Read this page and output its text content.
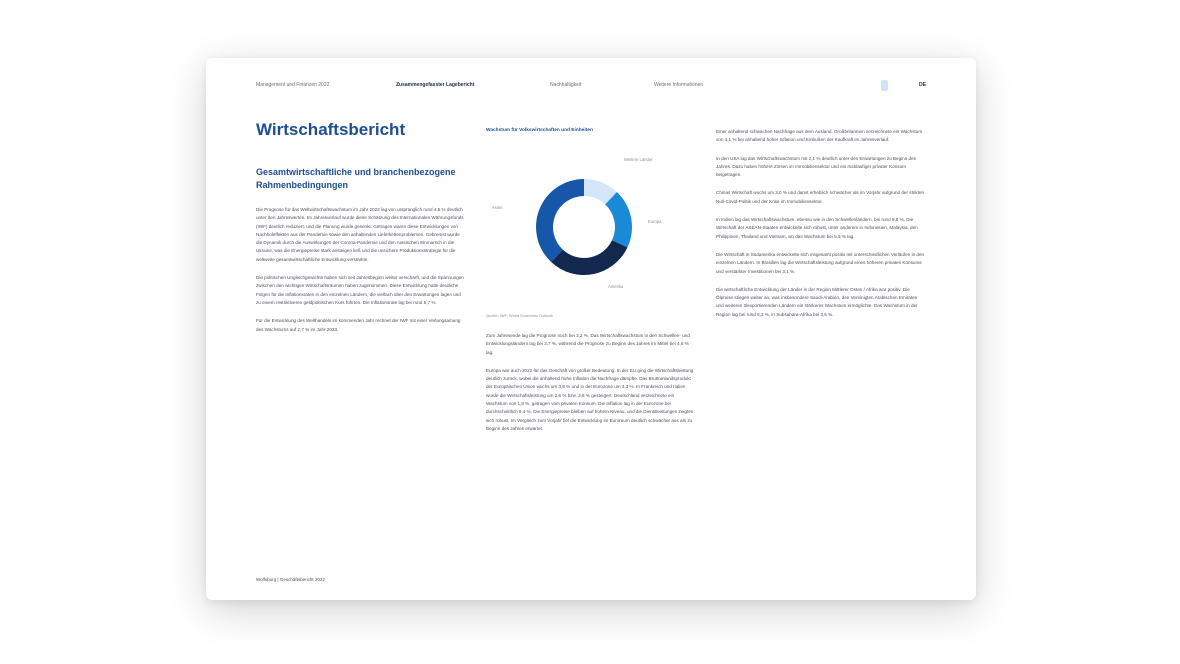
Management und Finanzen 2022	Zusammengefasster Lagebericht	Nachhaltigkeit	Weitere Informationen	DE
Wirtschaftsbericht
Gesamtwirtschaftliche und branchenbezogene Rahmenbedingungen

Die Prognose für das Weltwirtschaftswachstum im Jahr 2022 lag von ursprünglich rund 4,5 % deutlich unter den Jahreswerten. Im Jahresverlauf wurde diese Schätzung des Internationalen Währungsfonds (IWF) deutlich reduziert, und die Planung wurde gesenkt. Getragen waren diese Entwicklungen von Nachholeffekten aus der Pandemie sowie den anhaltenden Lieferkettenproblemen. Gebremst wurde die Dynamik durch die Auswirkungen der Corona-Pandemie und den russischen Einmarsch in die Ukraine, was die Energiepreise stark ansteigen ließ und die unsichere Produktionsstrategie für die weltweite gesamtwirtschaftliche Entwicklung verstärkte.

Die politischen Ungleichgewichte haben sich seit Jahresbeginn weiter verschärft, und die Spannungen zwischen den wichtigen Wirtschaftsräumen haben zugenommen. Diese Entwicklung hatte deutliche Folgen für die Inflationsraten in den einzelnen Ländern, die vielfach über den Erwartungen lagen und zu einem restriktiveren geldpolitischen Kurs führten. Die Inflationsrate lag bei rund 8,7 %.

Für die Entwicklung des Welthandels im kommenden Jahr rechnet der IWF mit einer Verlangsamung des Wachstums auf 2,7 % im Jahr 2023.

Wachstum für Volkswirtschaften und Einheiten
Weitere Länder
Europa
Amerika
Asien
Quelle: IWF, World Economic Outlook

Zum Jahresende lag die Prognose noch bei 3,2 %. Das Wirtschaftswachstum in den Schwellen- und Entwicklungsländern lag bei 3,7 %, während die Prognose zu Beginn des Jahres im Mittel bei 4,8 % lag.

Europa war auch 2022 für das Geschäft von großer Bedeutung. In der EU ging die Wirtschaftsleistung deutlich zurück, wobei die anhaltend hohe Inflation die Nachfrage dämpfte. Das Bruttoinlandsprodukt der Europäischen Union wuchs um 3,5 % und in der Eurozone um 3,3 %. In Frankreich und Italien wurde die Wirtschaftsleistung um 2,6 % bzw. 3,8 % gesteigert. Deutschland verzeichnete ein Wachstum von 1,8 %, getragen vom privaten Konsum. Die Inflation lag in der Eurozone bei durchschnittlich 8,4 %. Die Energiepreise blieben auf hohem Niveau, und die Dienstleistungen zeigten sich robust. Im Vergleich zum Vorjahr fiel die Entwicklung im Euroraum deutlich schwächer aus als zu Beginn des Jahres erwartet.

Einer anhaltend schwachen Nachfrage aus dem Ausland. Großbritannien verzeichnete ein Wachstum von 4,1 % bei anhaltend hoher Inflation und Einbußen der Kaufkraft im Jahresverlauf.

In den USA lag das Wirtschaftswachstum mit 2,1 % deutlich unter den Erwartungen zu Beginn des Jahres. Dazu haben höhere Zinsen im Immobiliensektor und ein rückläufiger privater Konsum beigetragen.

Chinas Wirtschaft wuchs um 3,0 % und damit erheblich schwächer als im Vorjahr aufgrund der strikten Null-Covid-Politik und der Krise im Immobiliensektor.

In Indien lag das Wirtschaftswachstum, ebenso wie in den Schwellenländern, bei rund 6,8 %. Die Wirtschaft der ASEAN-Staaten entwickelte sich robust, unter anderem in Indonesien, Malaysia, den Philippinen, Thailand und Vietnam, wo das Wachstum bei 5,5 % lag.

Die Wirtschaft in Südamerika entwickelte sich insgesamt positiv mit unterschiedlichen Verläufen in den einzelnen Ländern. In Brasilien lag die Wirtschaftsleistung aufgrund eines höheren privaten Konsums und verstärkter Investitionen bei 3,1 %.

Die wirtschaftliche Entwicklung der Länder in der Region Mittlerer Osten / Afrika war positiv. Die Ölpreise stiegen weiter an, was insbesondere Saudi-Arabien, den Vereinigten Arabischen Emiraten und weiteren ölexportierenden Ländern ein stärkeres Wachstum ermöglichte. Das Wachstum in der Region lag bei rund 5,3 %, in Subsahara-Afrika bei 3,6 %.

Wolfsburg | Geschäftsbericht 2022
